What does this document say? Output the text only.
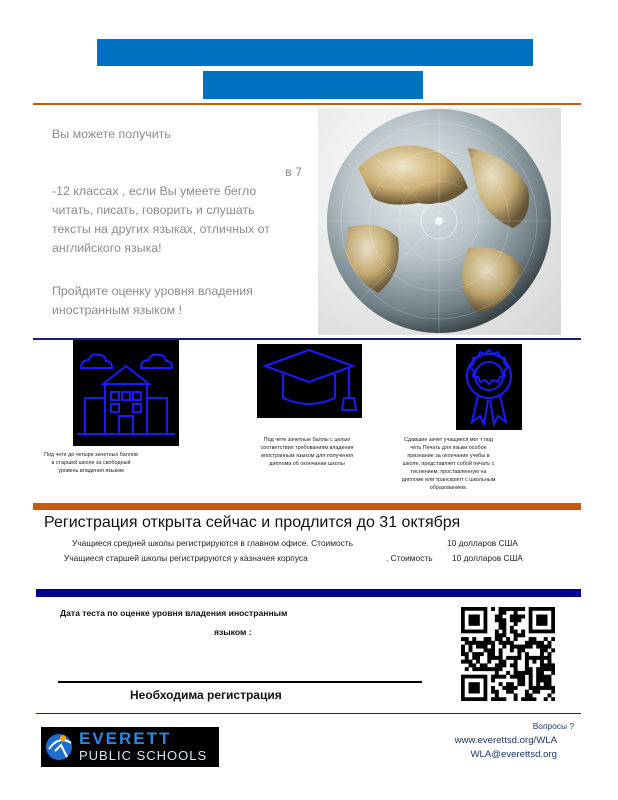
Вы можете получить

в 7

-12 классах , если Вы умеете бегло

читать, писать, говорить и слушать

тексты на других языках, отличных от

английского языка!

Пройдите оценку уровня владения

иностранным языком !

Под чете до четыре зачетных баллов в старшей школе за свободный уровень владения языком
Под чете зачетные баллы с целью соответствия требованиям владения иностранным языком для получения диплома об окончании школы
Сдавшие зачет учащиеся мог т под четь Печать для языки особое признание за окончание учебы в школе, представляет собой печать с тиснением, проставленную на дипломе или транскрипт с школьным образованием.
Регистрация открыта сейчас и продлится до 31 октября
Учащиеся средней школы регистрируются в главном офисе. Стоимость	10 долларов США
Учащиеся старшей школы регистрируются у казначея корпуса	. Стоимость 10 долларов США
Дата теста по оценке уровня владения иностранным
языком :
Необходима регистрация
EVERETT
PUBLIC SCHOOLS
Вопросы ?
www.everettsd.org/WLA
WLA@everettsd.org
